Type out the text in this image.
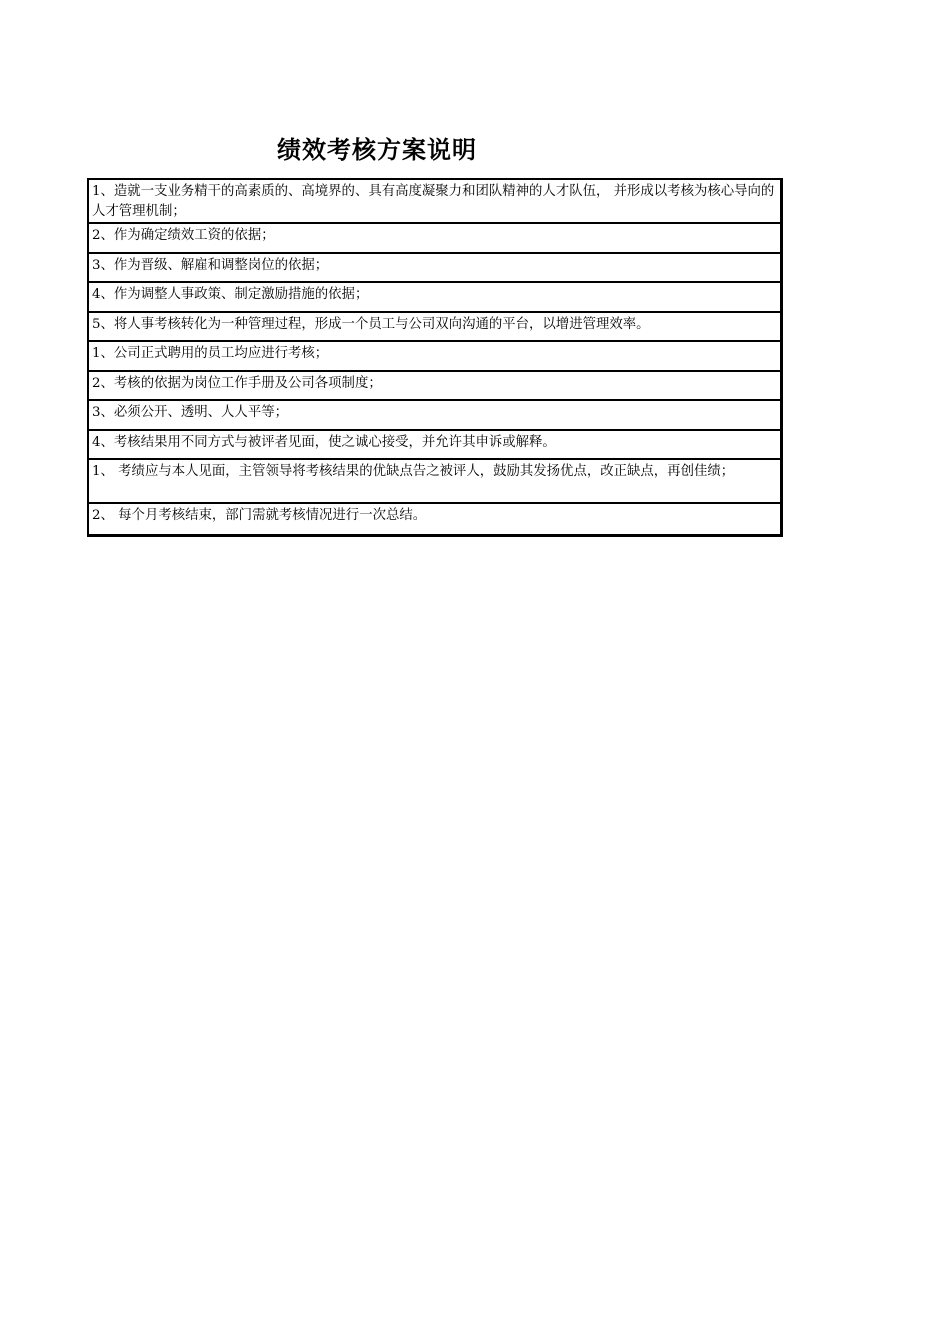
绩效考核方案说明
1、造就一支业务精干的高素质的、高境界的、具有高度凝聚力和团队精神的人才队伍， 并形成以考核为核心导向的人才管理机制；
2、作为确定绩效工资的依据；
3、作为晋级、解雇和调整岗位的依据；
4、作为调整人事政策、制定激励措施的依据；
5、将人事考核转化为一种管理过程，形成一个员工与公司双向沟通的平台，以增进管理效率。
1、公司正式聘用的员工均应进行考核；
2、考核的依据为岗位工作手册及公司各项制度；
3、必须公开、透明、人人平等；
4、考核结果用不同方式与被评者见面，使之诚心接受，并允许其申诉或解释。
1、 考绩应与本人见面，主管领导将考核结果的优缺点告之被评人，鼓励其发扬优点，改正缺点，再创佳绩；
2、 每个月考核结束，部门需就考核情况进行一次总结。
